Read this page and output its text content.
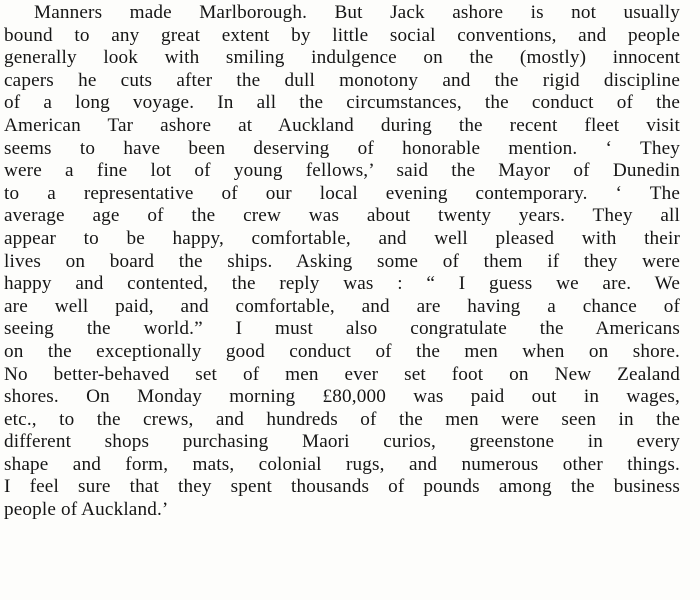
Manners made Marlborough. But Jack ashore is not usually
bound to any great extent by little social conventions, and people
generally look with smiling indulgence on the (mostly) innocent
capers he cuts after the dull monotony and the rigid discipline
of a long voyage. In all the circumstances, the conduct of the
American Tar ashore at Auckland during the recent fleet visit
seems to have been deserving of honorable mention. ‘ They
were a fine lot of young fellows,’ said the Mayor of Dunedin
to a representative of our local evening contemporary. ‘ The
average age of the crew was about twenty years. They all
appear to be happy, comfortable, and well pleased with their
lives on board the ships. Asking some of them if they were
happy and contented, the reply was : “ I guess we are. We
are well paid, and comfortable, and are having a chance of
seeing the world.” I must also congratulate the Americans
on the exceptionally good conduct of the men when on shore.
No better-behaved set of men ever set foot on New Zealand
shores. On Monday morning £80,000 was paid out in wages,
etc., to the crews, and hundreds of the men were seen in the
different shops purchasing Maori curios, greenstone in every
shape and form, mats, colonial rugs, and numerous other things.
I feel sure that they spent thousands of pounds among the business
people of Auckland.’
